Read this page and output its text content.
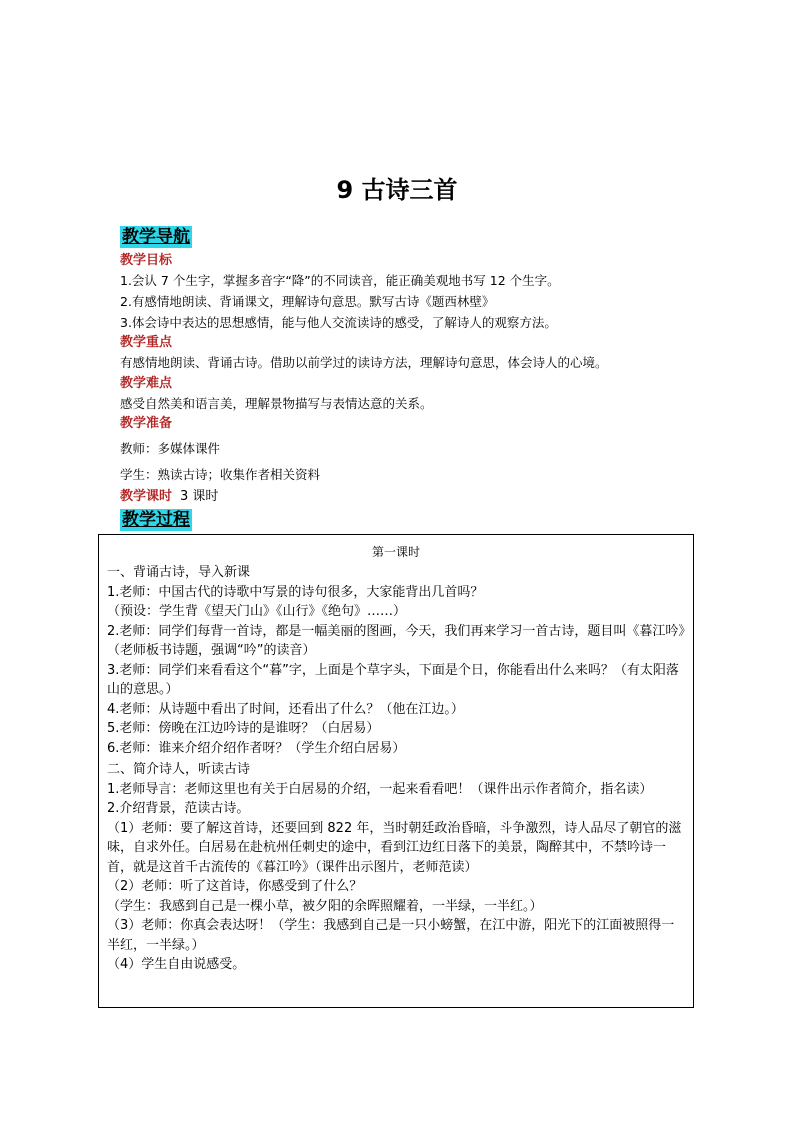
9 古诗三首
教学导航
教学目标
1.会认 7 个生字，掌握多音字“降”的不同读音，能正确美观地书写 12 个生字。
2.有感情地朗读、背诵课文，理解诗句意思。默写古诗《题西林壁》
3.体会诗中表达的思想感情，能与他人交流读诗的感受，了解诗人的观察方法。
教学重点
有感情地朗读、背诵古诗。借助以前学过的读诗方法，理解诗句意思，体会诗人的心境。
教学难点
感受自然美和语言美，理解景物描写与表情达意的关系。
教学准备
教师：多媒体课件
学生：熟读古诗；收集作者相关资料
教学课时 3 课时
教学过程
第一课时

一、背诵古诗，导入新课

1.老师：中国古代的诗歌中写景的诗句很多，大家能背出几首吗？

（预设：学生背《望天门山》《山行》《绝句》……）

2.老师：同学们每背一首诗，都是一幅美丽的图画，今天，我们再来学习一首古诗，题目叫《暮江吟》（老师板书诗题，强调“吟”的读音）

3.老师：同学们来看看这个“暮”字，上面是个草字头，下面是个日，你能看出什么来吗？（有太阳落山的意思。）

4.老师：从诗题中看出了时间，还看出了什么？（他在江边。）

5.老师：傍晚在江边吟诗的是谁呀？（白居易）

6.老师：谁来介绍介绍作者呀？（学生介绍白居易）

二、简介诗人，听读古诗

1.老师导言：老师这里也有关于白居易的介绍，一起来看看吧！（课件出示作者简介，指名读）

2.介绍背景，范读古诗。

（1）老师：要了解这首诗，还要回到 822 年，当时朝廷政治昏暗，斗争激烈，诗人品尽了朝官的滋味，自求外任。白居易在赴杭州任刺史的途中，看到江边红日落下的美景，陶醉其中，不禁吟诗一首，就是这首千古流传的《暮江吟》（课件出示图片，老师范读）

（2）老师：听了这首诗，你感受到了什么？

（学生：我感到自己是一棵小草，被夕阳的余晖照耀着，一半绿，一半红。）

（3）老师：你真会表达呀！（学生：我感到自己是一只小螃蟹，在江中游，阳光下的江面被照得一半红，一半绿。）

（4）学生自由说感受。
